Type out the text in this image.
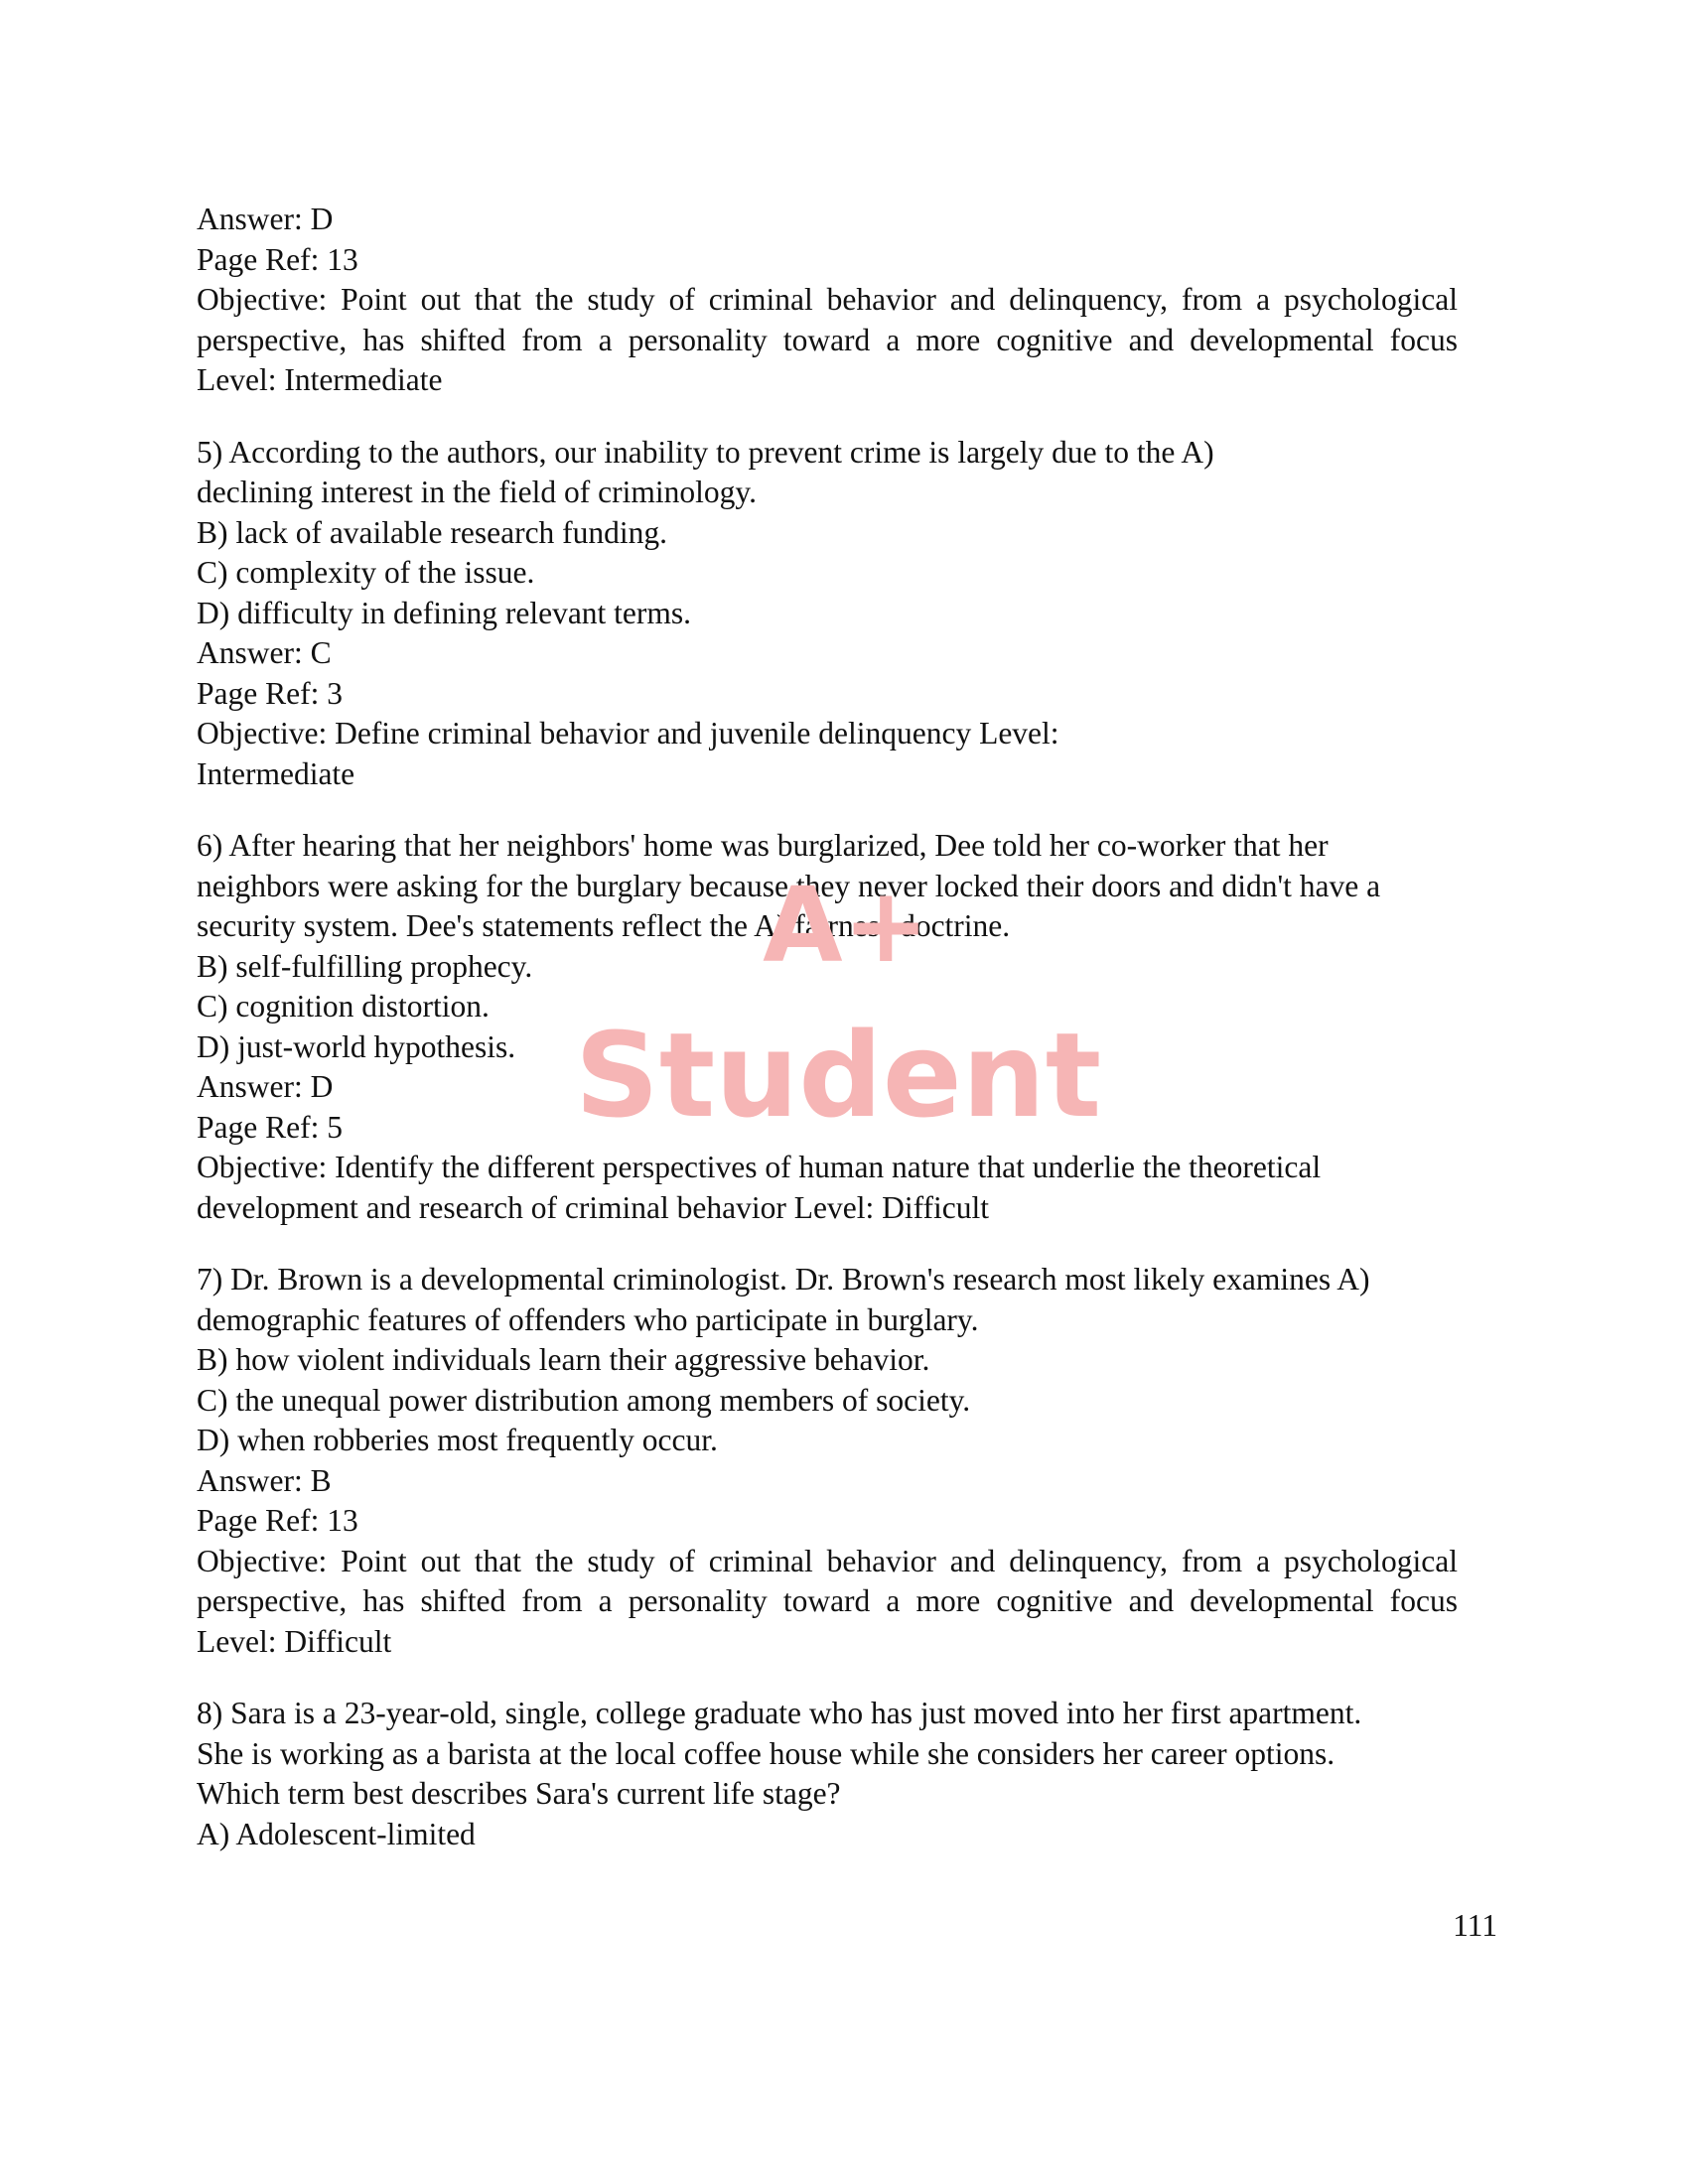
Answer: D
Page Ref: 13
Objective: Point out that the study of criminal behavior and delinquency, from a psychological
perspective, has shifted from a personality toward a more cognitive and developmental focus
Level: Intermediate
5) According to the authors, our inability to prevent crime is largely due to the A)
declining interest in the field of criminology.
B) lack of available research funding.
C) complexity of the issue.
D) difficulty in defining relevant terms.
Answer: C
Page Ref: 3
Objective: Define criminal behavior and juvenile delinquency Level:
Intermediate
6) After hearing that her neighbors' home was burglarized, Dee told her co-worker that her
neighbors were asking for the burglary because they never locked their doors and didn't have a
security system. Dee's statements reflect the A) fairness doctrine.
B) self-fulfilling prophecy.
C) cognition distortion.
D) just-world hypothesis.
Answer: D
Page Ref: 5
Objective: Identify the different perspectives of human nature that underlie the theoretical
development and research of criminal behavior Level: Difficult
7) Dr. Brown is a developmental criminologist. Dr. Brown's research most likely examines A)
demographic features of offenders who participate in burglary.
B) how violent individuals learn their aggressive behavior.
C) the unequal power distribution among members of society.
D) when robberies most frequently occur.
Answer: B
Page Ref: 13
Objective: Point out that the study of criminal behavior and delinquency, from a psychological
perspective, has shifted from a personality toward a more cognitive and developmental focus
Level: Difficult
8) Sara is a 23-year-old, single, college graduate who has just moved into her first apartment.
She is working as a barista at the local coffee house while she considers her career options.
Which term best describes Sara's current life stage?
A) Adolescent-limited
A+
Student
111
